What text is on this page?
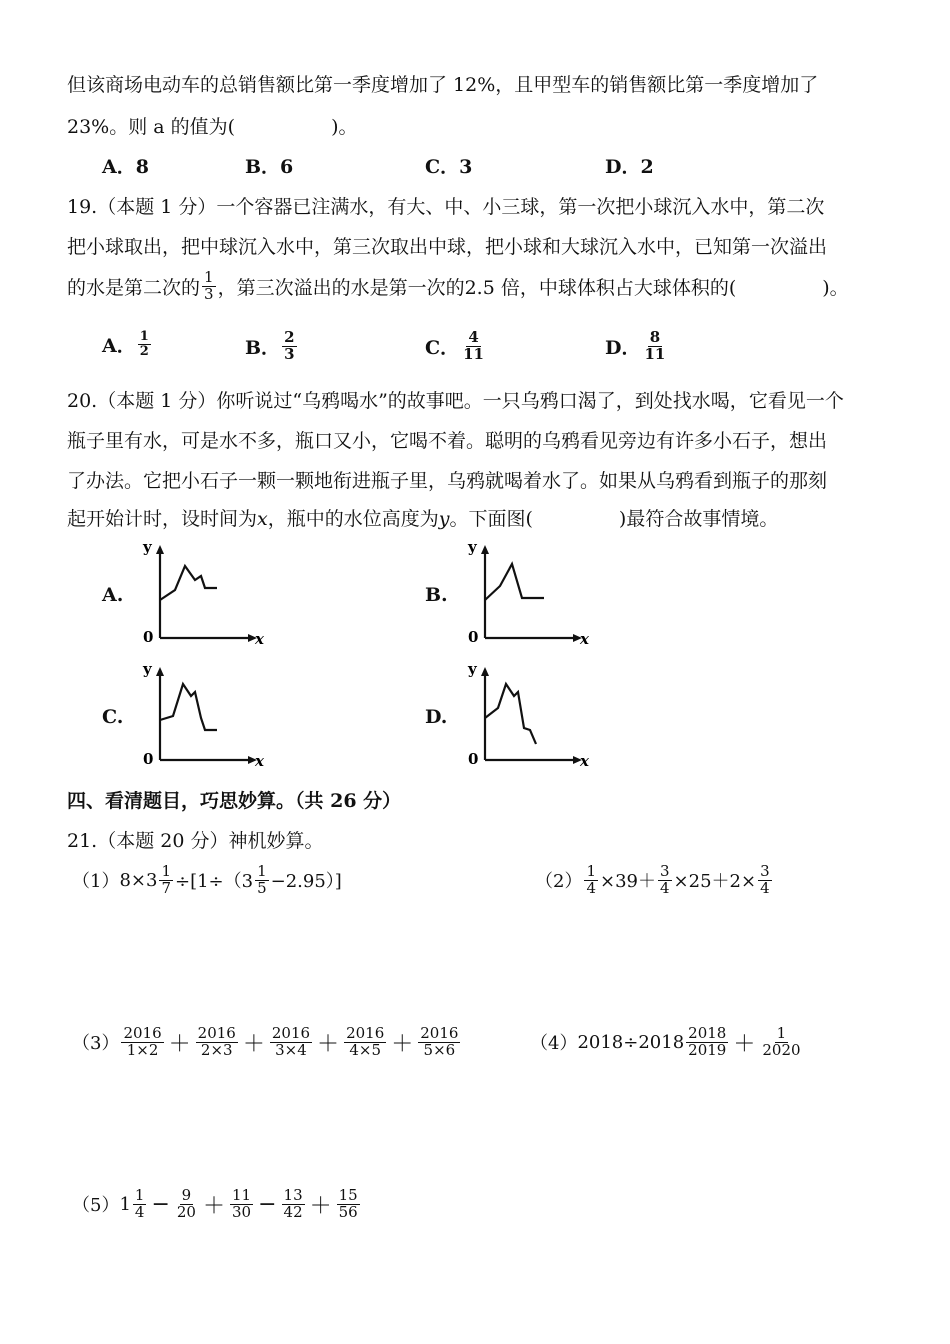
但该商场电动车的总销售额比第一季度增加了 12%，且甲型车的销售额比第一季度增加了
23%。则 a 的值为(	)。
A．8	B．6	C．3	D．2
19.（本题 1 分）一个容器已注满水，有大、中、小三球，第一次把小球沉入水中，第二次
把小球取出，把中球沉入水中，第三次取出中球，把小球和大球沉入水中，已知第一次溢出
的水是第二次的 $\frac{1}{3}$ ，第三次溢出的水是第一次的2.5 倍，中球体积占大球体积的(	)。
A． $\frac{1}{2}$	B． $\frac{2}{3}$	C． $\frac{4}{11}$	D． $\frac{8}{11}$
20.（本题 1 分）你听说过“乌鸦喝水”的故事吧。一只乌鸦口渴了，到处找水喝，它看见一个
瓶子里有水，可是水不多，瓶口又小，它喝不着。聪明的乌鸦看见旁边有许多小石子，想出
了办法。它把小石子一颗一颗地衔进瓶子里，乌鸦就喝着水了。如果从乌鸦看到瓶子的那刻
起开始计时，设时间为x，瓶中的水位高度为y。下面图(	)最符合故事情境。
A.
y
x
0
B.
y
x
0
C.
y
x
0
D.
y
x
0
四、看清题目，巧思妙算。（共 26 分）
21.（本题 20 分）神机妙算。
（1） $8\times 3 \frac{1}{7} \div[1\div(3 \frac{1}{5} -2.95)]$	$(2) \frac{1}{4} \times 39+ \frac{3}{4} \times 25+2\times \frac{3}{4}$
$(3) \frac{2016}{1\times 2} + \frac{2016}{2\times 3} + \frac{2016}{3\times 4} + \frac{2016}{4\times 5} + \frac{2016}{5\times 6}$	（4） $2018\div 2018 \frac{2018}{2019} + \frac{1}{2020}$
（5） $1 \frac{1}{4} - \frac{9}{20} + \frac{11}{30} - \frac{13}{42} + \frac{15}{56}$
